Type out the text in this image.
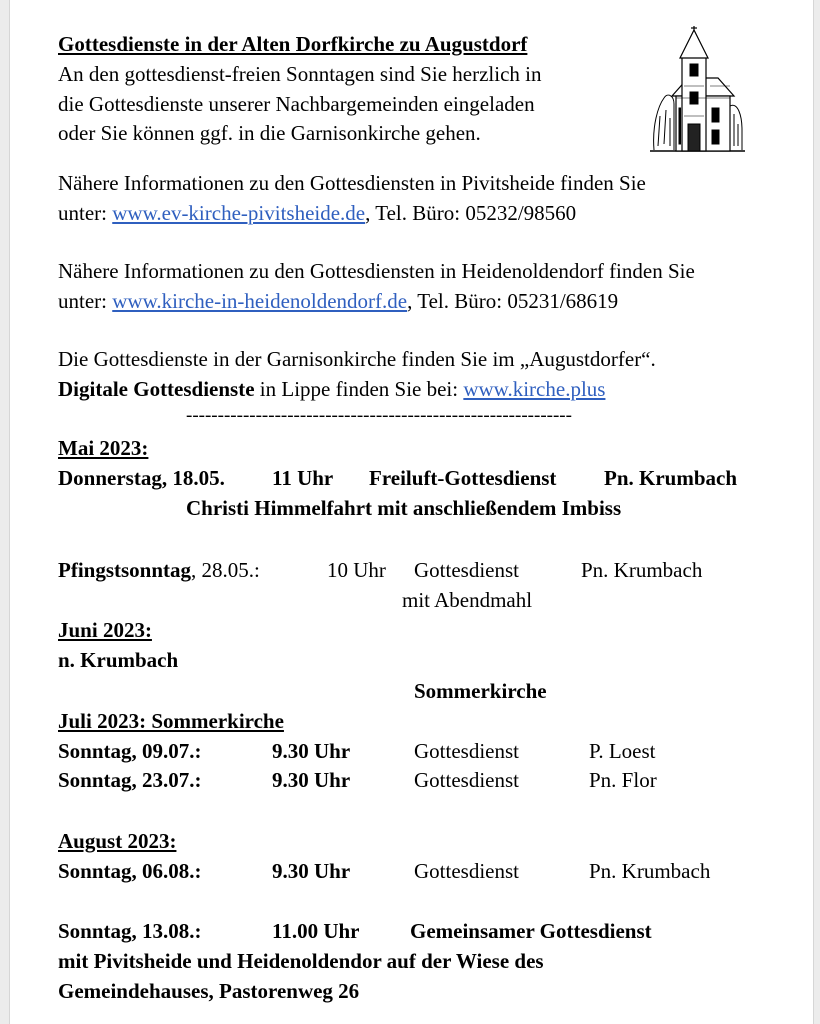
Gottesdienste in der Alten Dorfkirche zu Augustdorf
An den gottesdienst-freien Sonntagen sind Sie herzlich in
die Gottesdienste unserer Nachbargemeinden eingeladen
oder Sie können ggf. in die Garnisonkirche gehen.
Nähere Informationen zu den Gottesdiensten in Pivitsheide finden Sie
unter: www.ev-kirche-pivitsheide.de, Tel. Büro: 05232/98560
Nähere Informationen zu den Gottesdiensten in Heidenoldendorf finden Sie
unter: www.kirche-in-heidenoldendorf.de, Tel. Büro: 05231/68619
Die Gottesdienste in der Garnisonkirche finden Sie im „Augustdorfer“.
Digitale Gottesdienste in Lippe finden Sie bei: www.kirche.plus
-------------------------------------------------------------
Mai 2023:
Donnerstag, 18.05. 11 Uhr Freiluft-Gottesdienst Pn. Krumbach
Christi Himmelfahrt mit anschließendem Imbiss
Pfingstsonntag, 28.05.:	10 Uhr Gottesdienst	Pn. Krumbach
mit Abendmahl
Juni 2023:
n. Krumbach
Sommerkirche
Juli 2023: Sommerkirche
Sonntag, 09.07.:	9.30 Uhr	Gottesdienst	P. Loest
Sonntag, 23.07.:	9.30 Uhr	Gottesdienst	Pn. Flor
August 2023:
Sonntag, 06.08.:	9.30 Uhr	Gottesdienst	Pn. Krumbach
Sonntag, 13.08.:	11.00 Uhr Gemeinsamer Gottesdienst
mit Pivitsheide und Heidenoldendor auf der Wiese des
Gemeindehauses, Pastorenweg 26
